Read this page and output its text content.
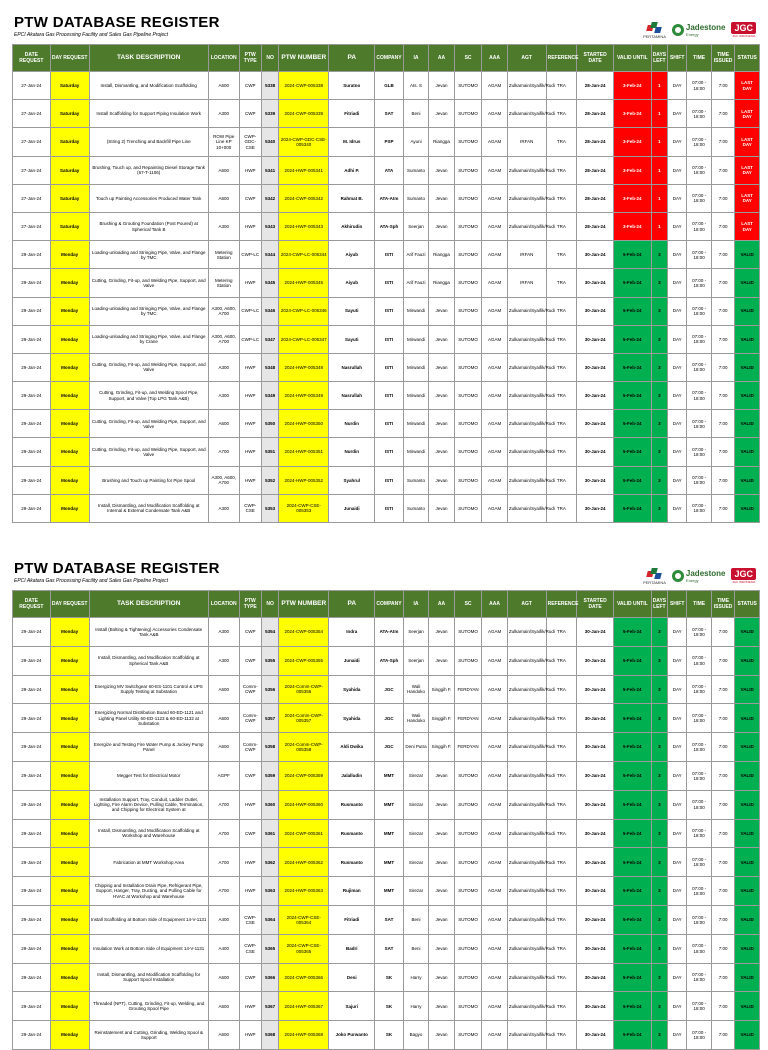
PTW DATABASE REGISTER
EPCI Akatara Gas Processing Facility and Sales Gas Pipeline Project	PERTAMINA
Jadestone
Energy
JGC
JGC INDONESIA
DATE REQUEST	DAY REQUEST	TASK DESCRIPTION	LOCATION	PTW TYPE	NO	PTW NUMBER	PA	COMPANY	IA	AA	SC	AAA	AGT	REFERENCE	STARTED DATE	VALID UNTIL	DAYS LEFT	SHIFT	TIME	TIME ISSUED	STATUS
27-Jan-24	Saturday	Install, Dismantling, and Modification Scaffolding	A600	CWP	5338	2024-CWP-005338	Suratno	GLB	Ats. S	Jevan	SUTOMO	AGAM	Zulkarnain/Syaifik/Rudi	TRA	28-Jan-24	3-Feb-24	1	DAY	07:00 - 18:00	7:00	LAST DAY
27-Jan-24	Saturday	Install Scaffolding for Support Piping Insulation Work	A300	CWP	5339	2024-CWP-005339	Fitriadi	SAT	Beni	Jevan	SUTOMO	AGAM	Zulkarnain/Syaifik/Rudi	TRA	28-Jan-24	3-Feb-24	1	DAY	07:00 - 18:00	7:00	LAST DAY
27-Jan-24	Saturday	(String 2) Trenching and Backfill Pipe Line	ROW Pipe Line KP 10+000	CWP-GDC-CSE	5340	2024-CWP-GDC-CSE-005340	M. Idrus	PSP	Ayuni	Riangga	SUTOMO	AGAM	IRFAN	TRA	28-Jan-24	3-Feb-24	1	DAY	07:00 - 18:00	7:00	LAST DAY
27-Jan-24	Saturday	Brushing, Touch up, and Repainting Diesel Storage Tank (67-T-1106)	A600	HWP	5341	2024-HWP-005341	Adhi P.	ATA	Sumanto	Jevan	SUTOMO	AGAM	Zulkarnain/Syaifik/Rudi	TRA	28-Jan-24	3-Feb-24	1	DAY	07:00 - 18:00	7:00	LAST DAY
27-Jan-24	Saturday	Touch up Painting Accessories Produced Water Tank	A600	CWP	5342	2024-CWP-005342	Rahmat B.	ATA-Atm	Sumanto	Jevan	SUTOMO	AGAM	Zulkarnain/Syaifik/Rudi	TRA	28-Jan-24	3-Feb-24	1	DAY	07:00 - 18:00	7:00	LAST DAY
27-Jan-24	Saturday	Brushing & Grouting Foundation (Post Poured) at Spherical Tank B	A300	HWP	5343	2024-HWP-005343	Akhirudin	ATA-Sph	Seerjan	Jevan	SUTOMO	AGAM	Zulkarnain/Syaifik/Rudi	TRA	28-Jan-24	3-Feb-24	1	DAY	07:00 - 18:00	7:00	LAST DAY
29-Jan-24	Monday	Loading-unloading and Stringing Pipe, Valve, and Flange by TMC	Metering Station	CWP-LC	5344	2024-CWP-LC-005344	Aiyub	ISTI	Arif Fauzi	Riangga	SUTOMO	AGAM	IRFAN	TRA	30-Jan-24	5-Feb-24	3	DAY	07:00 - 18:00	7:00	VALID
29-Jan-24	Monday	Cutting, Grinding, Fit-up, and Welding Pipe, Support, and Valve	Metering Station	HWP	5345	2024-HWP-005345	Aiyub	ISTI	Arif Fauzi	Riangga	SUTOMO	AGAM	IRFAN	TRA	30-Jan-24	5-Feb-24	3	DAY	07:00 - 18:00	7:00	VALID
29-Jan-24	Monday	Loading-unloading and Stringing Pipe, Valve, and Flange by TMC	A300, A600, A700	CWP-LC	5346	2024-CWP-LC-005346	Sayuti	ISTI	Mirwandi	Jevan	SUTOMO	AGAM	Zulkarnain/Syaifik/Rudi	TRA	30-Jan-24	5-Feb-24	3	DAY	07:00 - 18:00	7:00	VALID
29-Jan-24	Monday	Loading-unloading and Stringing Pipe, Valve, and Flange by Crane	A300, A600, A700	CWP-LC	5347	2024-CWP-LC-005347	Sayuti	ISTI	Mirwandi	Jevan	SUTOMO	AGAM	Zulkarnain/Syaifik/Rudi	TRA	30-Jan-24	5-Feb-24	3	DAY	07:00 - 18:00	7:00	VALID
29-Jan-24	Monday	Cutting, Grinding, Fit-up, and Welding Pipe, Support, and Valve	A300	HWP	5348	2024-HWP-005348	Nasrullah	ISTI	Mirwandi	Jevan	SUTOMO	AGAM	Zulkarnain/Syaifik/Rudi	TRA	30-Jan-24	5-Feb-24	3	DAY	07:00 - 18:00	7:00	VALID
29-Jan-24	Monday	Cutting, Grinding, Fit-up, and Welding Spool Pipe, Support, and Valve (Top LPG Tank A&B)	A300	HWP	5349	2024-HWP-005349	Nasrullah	ISTI	Mirwandi	Jevan	SUTOMO	AGAM	Zulkarnain/Syaifik/Rudi	TRA	30-Jan-24	5-Feb-24	3	DAY	07:00 - 18:00	7:00	VALID
29-Jan-24	Monday	Cutting, Grinding, Fit-up, and Welding Pipe, Support, and Valve	A600	HWP	5350	2024-HWP-005350	Nurdin	ISTI	Mirwandi	Jevan	SUTOMO	AGAM	Zulkarnain/Syaifik/Rudi	TRA	30-Jan-24	5-Feb-24	3	DAY	07:00 - 18:00	7:00	VALID
29-Jan-24	Monday	Cutting, Grinding, Fit-up, and Welding Pipe, Support, and Valve	A700	HWP	5351	2024-HWP-005351	Nurdin	ISTI	Mirwandi	Jevan	SUTOMO	AGAM	Zulkarnain/Syaifik/Rudi	TRA	30-Jan-24	5-Feb-24	3	DAY	07:00 - 18:00	7:00	VALID
29-Jan-24	Monday	Brushing and Touch up Painting for Pipe Spool	A300, A600, A700	HWP	5352	2024-HWP-005352	Syahrul	ISTI	Sumanto	Jevan	SUTOMO	AGAM	Zulkarnain/Syaifik/Rudi	TRA	30-Jan-24	5-Feb-24	3	DAY	07:00 - 18:00	7:00	VALID
29-Jan-24	Monday	Install, Dismantling, and Modification Scaffolding at Internal & External Condensate Tank A&B	A300	CWP-CSE	5353	2024-CWP-CSE-005353	Junaidi	ISTI	Sumanto	Jevan	SUTOMO	AGAM	Zulkarnain/Syaifik/Rudi	TRA	30-Jan-24	5-Feb-24	3	DAY	07:00 - 18:00	7:00	VALID
PTW DATABASE REGISTER
EPCI Akatara Gas Processing Facility and Sales Gas Pipeline Project	PERTAMINA
Jadestone
Energy
JGC
JGC INDONESIA
DATE REQUEST	DAY REQUEST	TASK DESCRIPTION	LOCATION	PTW TYPE	NO	PTW NUMBER	PA	COMPANY	IA	AA	SC	AAA	AGT	REFERENCE	STARTED DATE	VALID UNTIL	DAYS LEFT	SHIFT	TIME	TIME ISSUED	STATUS
29-Jan-24	Monday	Install (Bolting & Tightening) Accessories Condensate Tank A&B	A300	CWP	5354	2024-CWP-005354	Indra	ATA-Atm	Seerjan	Jevan	SUTOMO	AGAM	Zulkarnain/Syaifik/Rudi	TRA	30-Jan-24	5-Feb-24	3	DAY	07:00 - 18:00	7:00	VALID
29-Jan-24	Monday	Install, Dismantling, and Modification Scaffolding at Spherical Tank A&B	A300	CWP	5355	2024-CWP-005355	Junaidi	ATA-Sph	Seerjan	Jevan	SUTOMO	AGAM	Zulkarnain/Syaifik/Rudi	TRA	30-Jan-24	5-Feb-24	3	DAY	07:00 - 18:00	7:00	VALID
29-Jan-24	Monday	Energizing MV Switchgear 60-ES-1101 Control & UPS Supply Testing at Substation	A600	Comm-CWP	5356	2024-Comm-CWP-005356	Syahida	JGC	Wali Handoko	Singgih F.	FERDYAN	AGAM	Zulkarnain/Syaifik/Rudi	TRA	30-Jan-24	5-Feb-24	3	DAY	07:00 - 18:00	7:00	VALID
29-Jan-24	Monday	Energizing Normal Distribution Board 60-ED-1121 and Lighting Panel Utility 60-ED-1123 & 60-ED-1132 at Substation	A600	Comm-CWP	5357	2024-Comm-CWP-005357	Syahida	JGC	Wali Handoko	Singgih F.	FERDYAN	AGAM	Zulkarnain/Syaifik/Rudi	TRA	30-Jan-24	5-Feb-24	3	DAY	07:00 - 18:00	7:00	VALID
29-Jan-24	Monday	Energize and Testing Fire Water Pump & Jockey Pump Panel	A600	Comm-CWP	5358	2024-Comm-CWP-005358	Aldi Dwika	JGC	Deni Putra	Singgih F.	FERDYAN	AGAM	Zulkarnain/Syaifik/Rudi	TRA	30-Jan-24	5-Feb-24	3	DAY	07:00 - 18:00	7:00	VALID
29-Jan-24	Monday	Megger Test for Electrical Motor	AGPF	CWP	5359	2024-CWP-005359	Jalalludin	MMT	Sirezar	Jevan	SUTOMO	AGAM	Zulkarnain/Syaifik/Rudi	TRA	30-Jan-24	5-Feb-24	3	DAY	07:00 - 18:00	7:00	VALID
29-Jan-24	Monday	Installation Support, Tray, Conduit, Ladder Outlet, Lighting, Fire Alarm Device, Pulling Cable, Termination, and Chipping for Electrical System at	A700	HWP	5360	2024-HWP-005360	Rusmanto	MMT	Sirezar	Jevan	SUTOMO	AGAM	Zulkarnain/Syaifik/Rudi	TRA	30-Jan-24	5-Feb-24	3	DAY	07:00 - 18:00	7:00	VALID
29-Jan-24	Monday	Install, Dismantling, and Modification Scaffolding at Workshop and Warehouse	A700	CWP	5361	2024-CWP-005361	Rusmanto	MMT	Sirezar	Jevan	SUTOMO	AGAM	Zulkarnain/Syaifik/Rudi	TRA	30-Jan-24	5-Feb-24	3	DAY	07:00 - 18:00	7:00	VALID
29-Jan-24	Monday	Fabrication at MMT Workshop Area	A700	HWP	5362	2024-HWP-005362	Rusmanto	MMT	Sirezar	Jevan	SUTOMO	AGAM	Zulkarnain/Syaifik/Rudi	TRA	30-Jan-24	5-Feb-24	3	DAY	07:00 - 18:00	7:00	VALID
29-Jan-24	Monday	Chipping and Installation Drain Pipe, Refrigerant Pipe, Support, Hanger, Tray, Ducting, and Pulling Cable for HVAC at Workshop and Warehouse	A700	HWP	5363	2024-HWP-005363	Rujiman	MMT	Sirezar	Jevan	SUTOMO	AGAM	Zulkarnain/Syaifik/Rudi	TRA	30-Jan-24	5-Feb-24	3	DAY	07:00 - 18:00	7:00	VALID
29-Jan-24	Monday	Install Scaffolding at Bottom Side of Equipment 14-V-1131	A400	CWP-CSE	5364	2024-CWP-CSE-005364	Fitriadi	SAT	Beni	Jevan	SUTOMO	AGAM	Zulkarnain/Syaifik/Rudi	TRA	30-Jan-24	5-Feb-24	3	DAY	07:00 - 18:00	7:00	VALID
29-Jan-24	Monday	Insulation Work at Bottom Side of Equipment 14-V-1131	A400	CWP-CSE	5365	2024-CWP-CSE-005365	Badri	SAT	Beni	Jevan	SUTOMO	AGAM	Zulkarnain/Syaifik/Rudi	TRA	30-Jan-24	5-Feb-24	3	DAY	07:00 - 18:00	7:00	VALID
29-Jan-24	Monday	Install, Dismantling, and Modification Scaffolding for Support Spool Installation	A600	CWP	5366	2024-CWP-005366	Deni	SK	Harry	Jevan	SUTOMO	AGAM	Zulkarnain/Syaifik/Rudi	TRA	30-Jan-24	5-Feb-24	3	DAY	07:00 - 18:00	7:00	VALID
29-Jan-24	Monday	Threaded (NPT), Cutting, Grinding, Fit-up, Welding, and Grouting Spool Pipe	A600	HWP	5367	2024-HWP-005367	Sajuri	SK	Harry	Jevan	SUTOMO	AGAM	Zulkarnain/Syaifik/Rudi	TRA	30-Jan-24	5-Feb-24	3	DAY	07:00 - 18:00	7:00	VALID
29-Jan-24	Monday	Reinstatement and Cutting, Grinding, Welding Spool & Support	A600	HWP	5368	2024-HWP-005368	Joko Purwanto	SK	Bagyo	Jevan	SUTOMO	AGAM	Zulkarnain/Syaifik/Rudi	TRA	30-Jan-24	5-Feb-24	3	DAY	07:00 - 18:00	7:00	VALID
